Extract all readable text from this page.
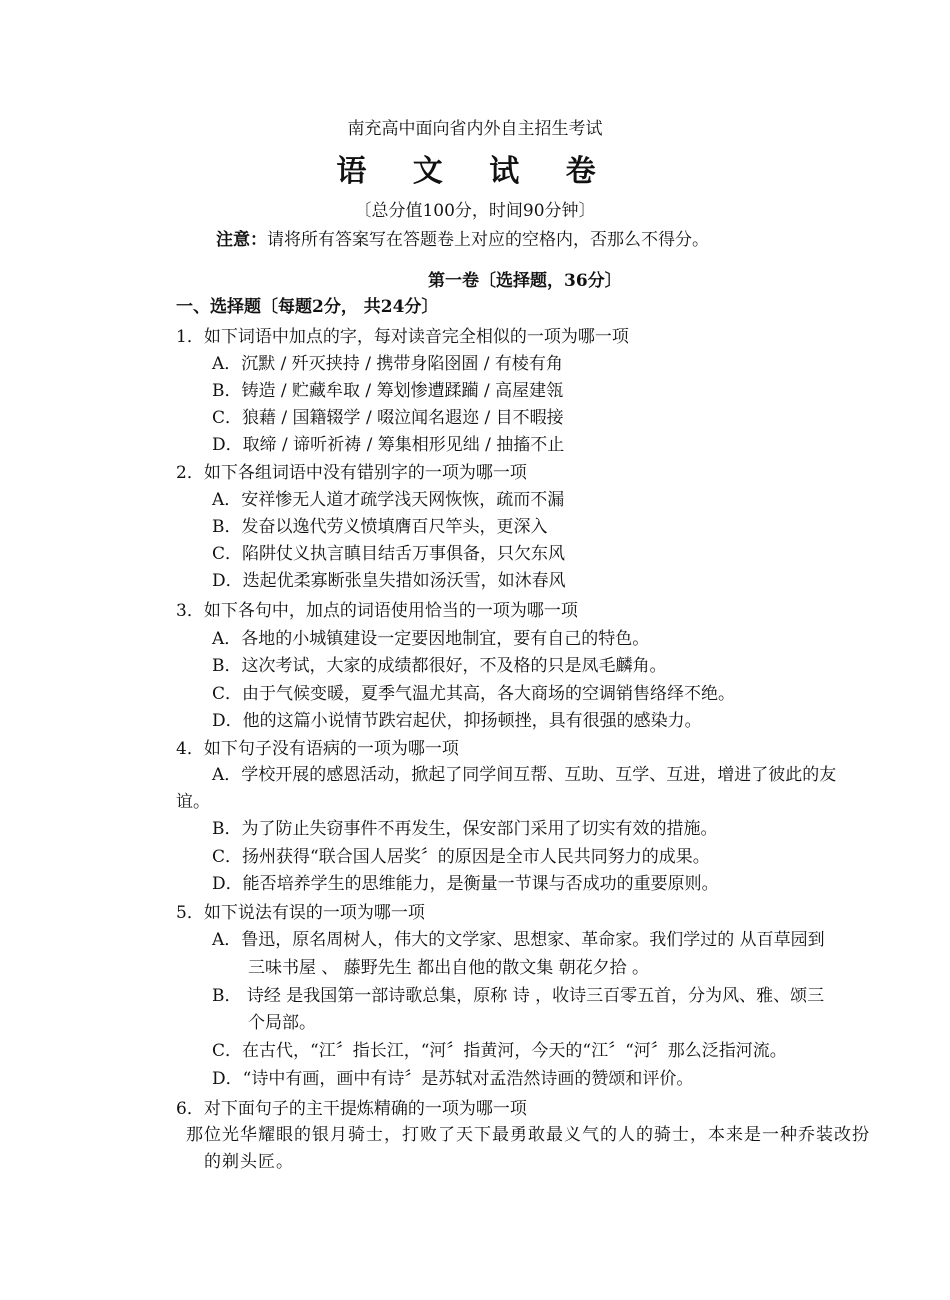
南充高中面向省内外自主招生考试
语 文 试 卷
〔总分值100分，时间90分钟〕
注意：请将所有答案写在答题卷上对应的空格内，否那么不得分。
第一卷〔选择题，36分〕
一、选择题〔每题2分， 共24分〕
1．如下词语中加点的字，每对读音完全相似的一项为哪一项
A．沉默 / 歼灭挟持 / 携带身陷囹圄 / 有棱有角
B．铸造 / 贮藏牟取 / 筹划惨遭蹂躏 / 高屋建瓴
C．狼藉 / 国籍辍学 / 啜泣闻名遐迩 / 目不暇接
D．取缔 / 谛听祈祷 / 筹集相形见绌 / 抽搐不止
2．如下各组词语中没有错别字的一项为哪一项
A．安祥惨无人道才疏学浅天网恢恢，疏而不漏
B．发奋以逸代劳义愤填膺百尺竿头，更深入
C．陷阱仗义执言瞋目结舌万事俱备，只欠东风
D．迭起优柔寡断张皇失措如汤沃雪，如沐春风
3．如下各句中，加点的词语使用恰当的一项为哪一项
A．各地的小城镇建设一定要因地制宜，要有自己的特色。
B．这次考试，大家的成绩都很好，不及格的只是凤毛麟角。
C．由于气候变暖，夏季气温尤其高，各大商场的空调销售络绎不绝。
D．他的这篇小说情节跌宕起伏，抑扬顿挫，具有很强的感染力。
4．如下句子没有语病的一项为哪一项
A．学校开展的感恩活动，掀起了同学间互帮、互助、互学、互进，增进了彼此的友
谊。
B．为了防止失窃事件不再发生，保安部门采用了切实有效的措施。
C．扬州获得“联合国人居奖〞的原因是全市人民共同努力的成果。
D．能否培养学生的思维能力，是衡量一节课与否成功的重要原则。
5．如下说法有误的一项为哪一项
A．鲁迅，原名周树人，伟大的文学家、思想家、革命家。我们学过的 从百草园到
三味书屋 、 藤野先生 都出自他的散文集 朝花夕拾 。
B． 诗经 是我国第一部诗歌总集，原称 诗 ，收诗三百零五首，分为风、雅、颂三
个局部。
C．在古代，“江〞指长江，“河〞指黄河，今天的“江〞“河〞那么泛指河流。
D．“诗中有画，画中有诗〞是苏轼对孟浩然诗画的赞颂和评价。
6．对下面句子的主干提炼精确的一项为哪一项
那位光华耀眼的银月骑士，打败了天下最勇敢最义气的人的骑士，本来是一种乔装改扮
的剃头匠。
